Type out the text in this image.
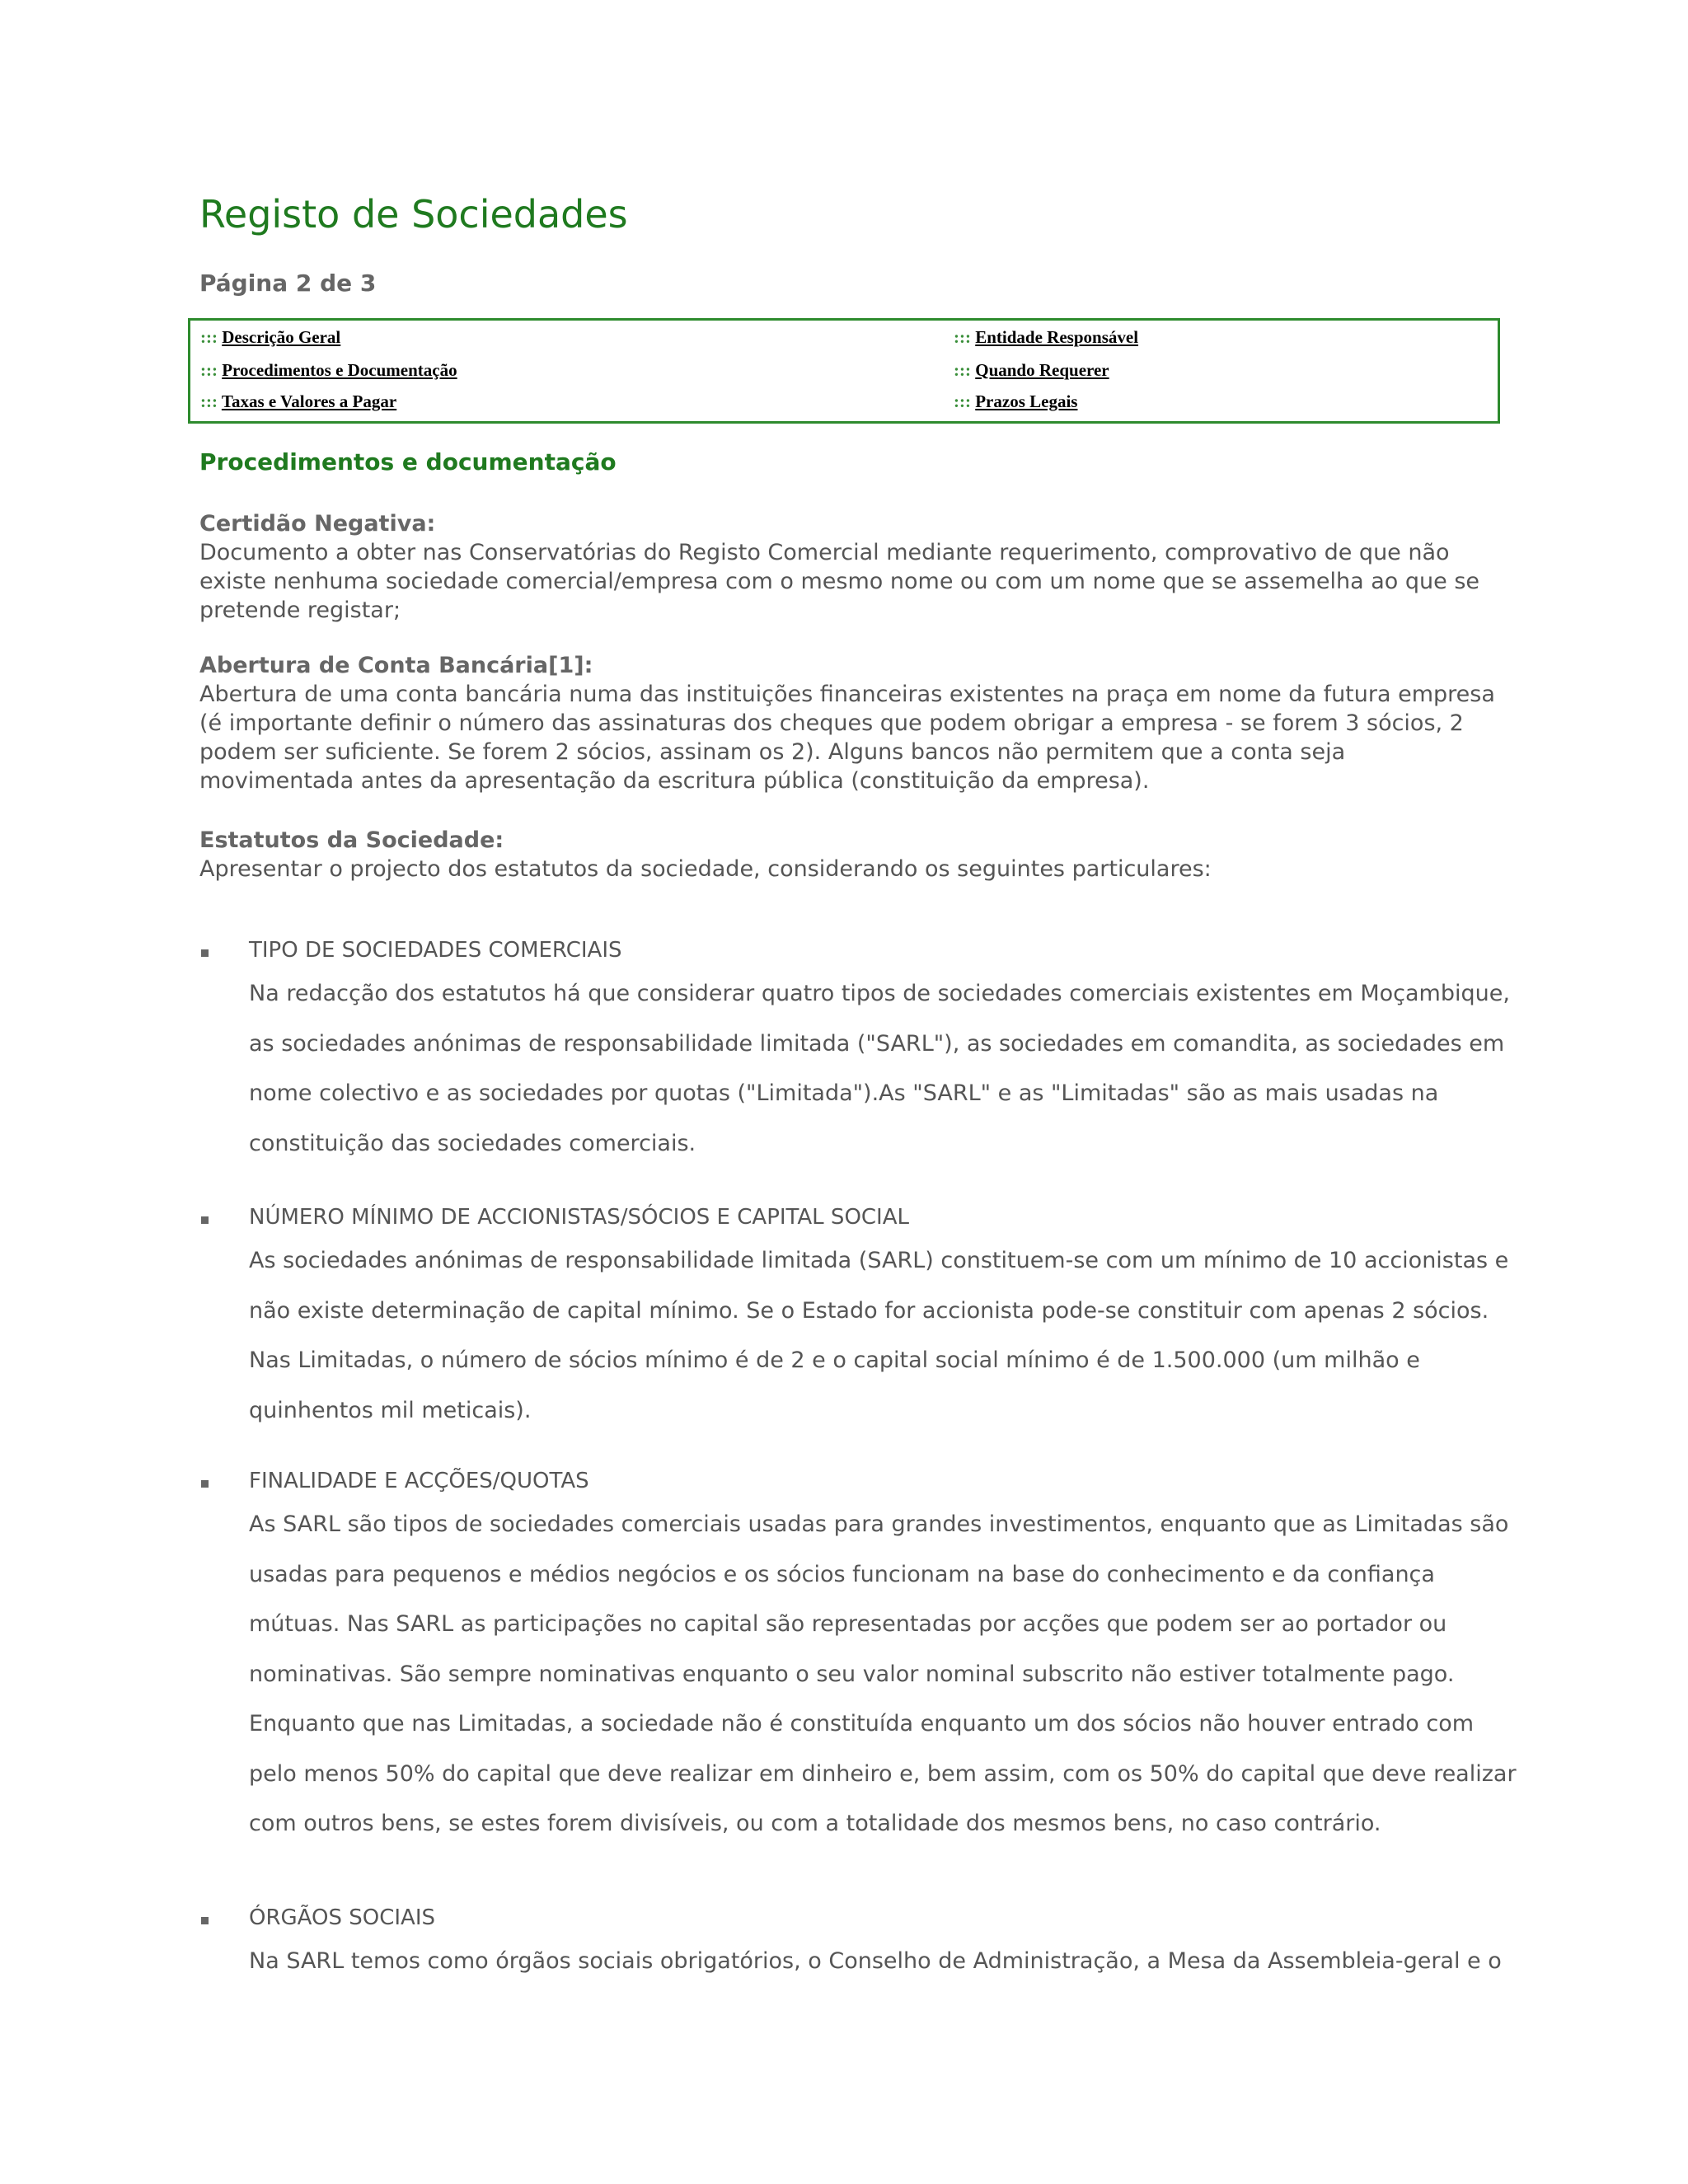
Registo de Sociedades
Página 2 de 3
::: Descrição Geral	::: Entidade Responsável
::: Procedimentos e Documentação	::: Quando Requerer
::: Taxas e Valores a Pagar	::: Prazos Legais
Procedimentos e documentação
Certidão Negativa:
Documento a obter nas Conservatórias do Registo Comercial mediante requerimento, comprovativo de que não existe nenhuma sociedade comercial/empresa com o mesmo nome ou com um nome que se assemelha ao que se pretende registar;
Abertura de Conta Bancária[1]:
Abertura de uma conta bancária numa das instituições financeiras existentes na praça em nome da futura empresa (é importante definir o número das assinaturas dos cheques que podem obrigar a empresa - se forem 3 sócios, 2 podem ser suficiente. Se forem 2 sócios, assinam os 2). Alguns bancos não permitem que a conta seja movimentada antes da apresentação da escritura pública (constituição da empresa).
Estatutos da Sociedade:
Apresentar o projecto dos estatutos da sociedade, considerando os seguintes particulares:
TIPO DE SOCIEDADES COMERCIAIS
Na redacção dos estatutos há que considerar quatro tipos de sociedades comerciais existentes em Moçambique, as sociedades anónimas de responsabilidade limitada ("SARL"), as sociedades em comandita, as sociedades em nome colectivo e as sociedades por quotas ("Limitada").As "SARL" e as "Limitadas" são as mais usadas na constituição das sociedades comerciais.
NÚMERO MÍNIMO DE ACCIONISTAS/SÓCIOS E CAPITAL SOCIAL
As sociedades anónimas de responsabilidade limitada (SARL) constituem-se com um mínimo de 10 accionistas e não existe determinação de capital mínimo. Se o Estado for accionista pode-se constituir com apenas 2 sócios. Nas Limitadas, o número de sócios mínimo é de 2 e o capital social mínimo é de 1.500.000 (um milhão e quinhentos mil meticais).
FINALIDADE E ACÇÕES/QUOTAS
As SARL são tipos de sociedades comerciais usadas para grandes investimentos, enquanto que as Limitadas são usadas para pequenos e médios negócios e os sócios funcionam na base do conhecimento e da confiança mútuas. Nas SARL as participações no capital são representadas por acções que podem ser ao portador ou nominativas. São sempre nominativas enquanto o seu valor nominal subscrito não estiver totalmente pago. Enquanto que nas Limitadas, a sociedade não é constituída enquanto um dos sócios não houver entrado com pelo menos 50% do capital que deve realizar em dinheiro e, bem assim, com os 50% do capital que deve realizar com outros bens, se estes forem divisíveis, ou com a totalidade dos mesmos bens, no caso contrário.
ÓRGÃOS SOCIAIS
Na SARL temos como órgãos sociais obrigatórios, o Conselho de Administração, a Mesa da Assembleia-geral e o
